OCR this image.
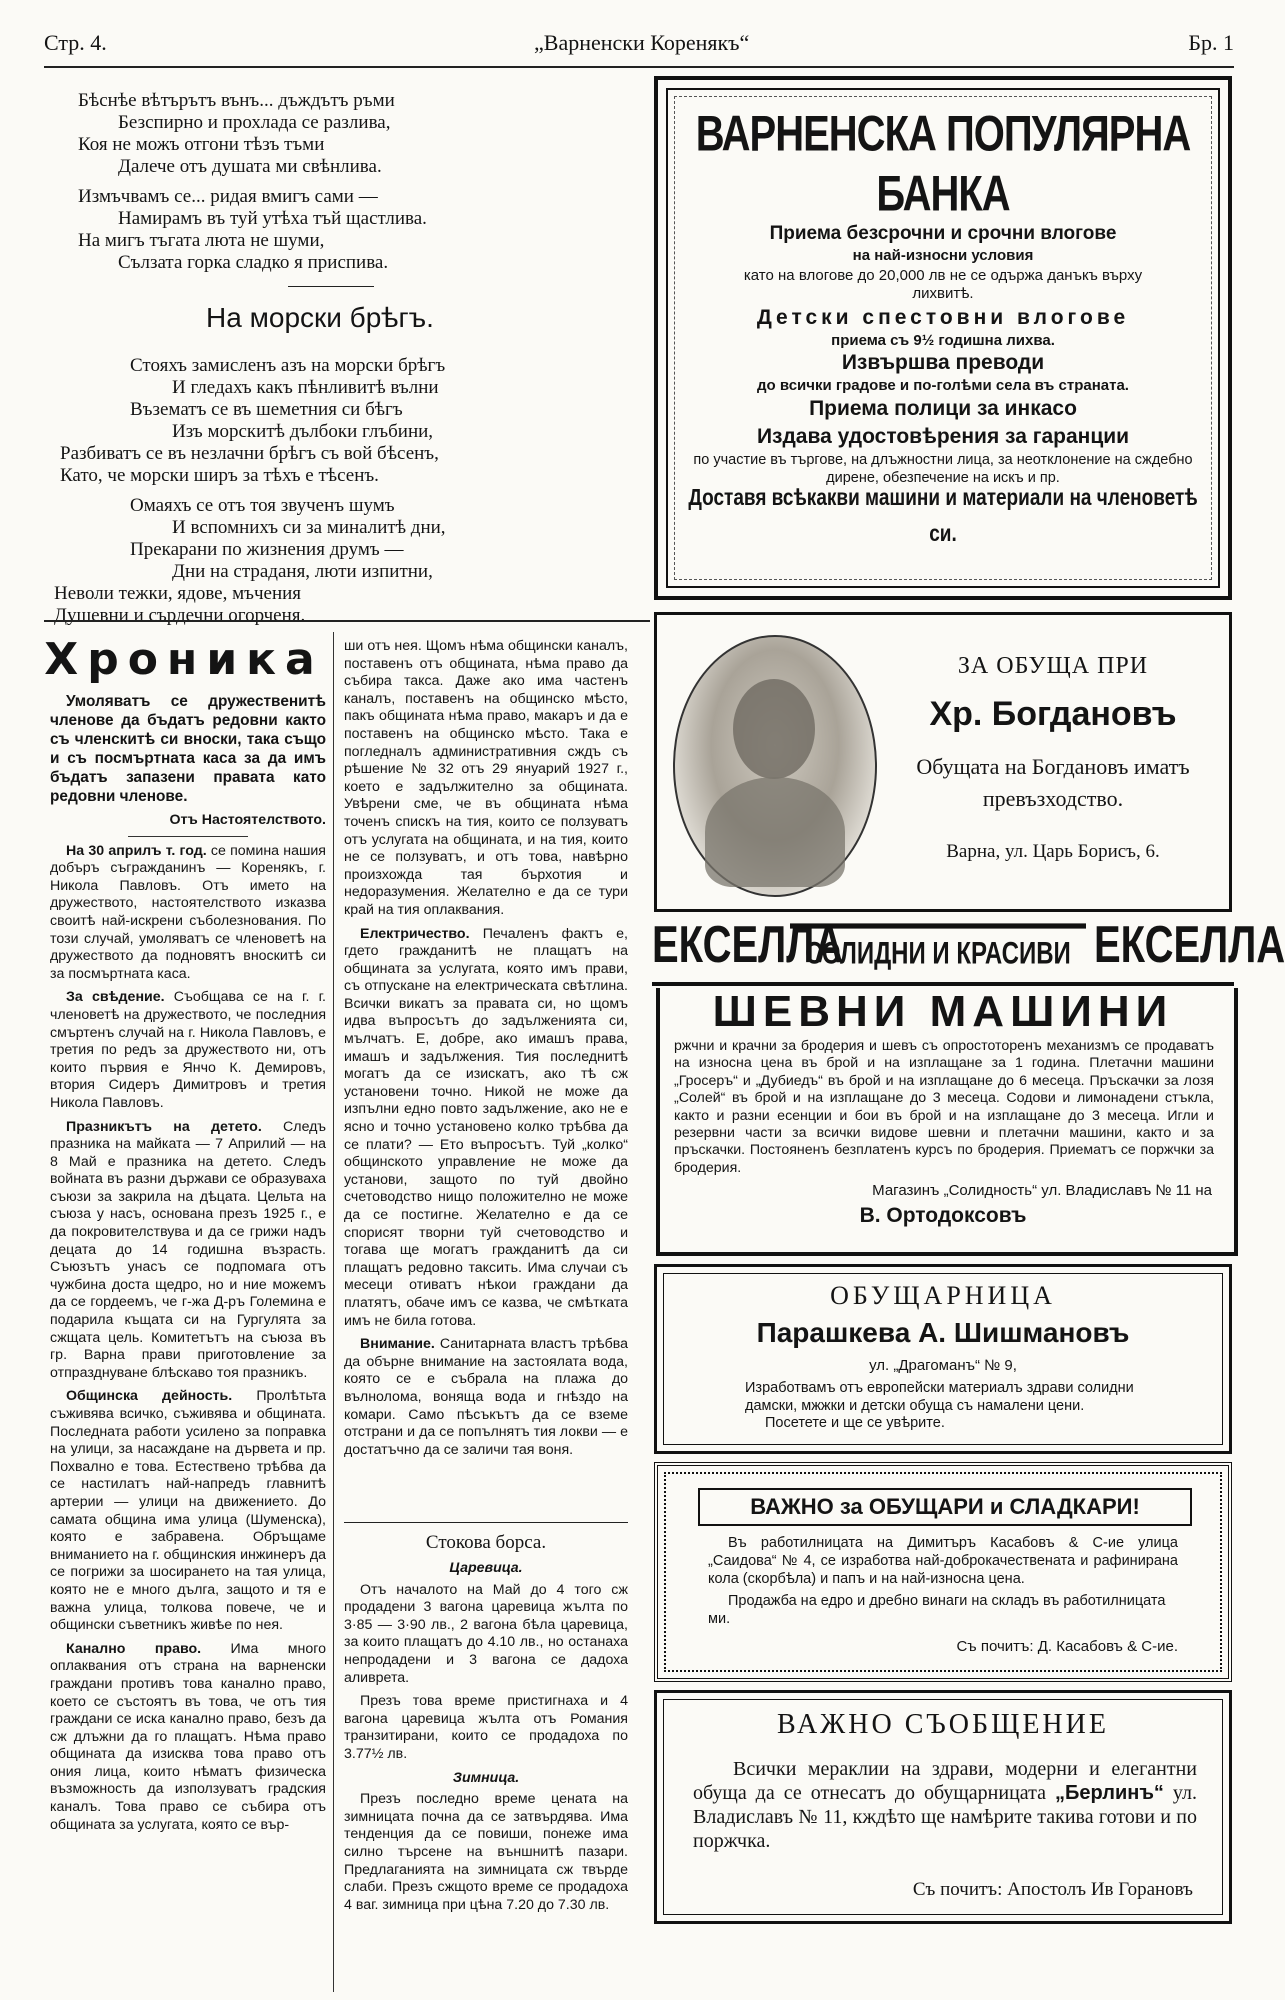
Стр. 4.	„Варненски Коренякъ“	Бр. 1

Бѣснѣе вѣтърътъ вънъ... дъждътъ ръми

Безспирно и прохлада се разлива,

Коя не можъ отгони тѣзъ тъми

Далече отъ душата ми свѣнлива.

Измъчвамъ се... ридая вмигъ сами —

Намирамъ въ туй утѣха тъй щастлива.

На мигъ тъгата люта не шуми,

Сълзата горка сладко я приспива.

На морски брѣгъ.

Стояхъ замисленъ азъ на морски брѣгъ

И гледахъ какъ пѣнливитѣ вълни

Възематъ се въ шеметния си бѣгъ

Изъ морскитѣ дълбоки глъбини,

Разбиватъ се въ незлачни брѣгъ съ вой бѣсенъ,

Като, че морски ширъ за тѣхъ е тѣсенъ.

Омаяхъ се отъ тоя звученъ шумъ

И вспомнихъ си за миналитѣ дни,

Прекарани по жизнения друмъ —

Дни на страданя, люти изпитни,

Неволи тежки, ядове, мъчения

Душевни и сърдечни огорченя.

Хроника

Умоляватъ се дружественитѣ членове да бъдатъ редовни както съ членскитѣ си вноски, така също и съ посмъртната каса за да имъ бъдатъ запазени правата като редовни членове.

Отъ Настоятелството.

На 30 априлъ т. год. се помина нашия добъръ съгражданинъ — Коренякъ, г. Никола Павловъ. Отъ името на дружеството, настоятелството изказва своитѣ най-искрени съболезнования. По този случай, умоляватъ се членоветѣ на дружеството да подновятъ вноскитѣ си за посмъртната каса.

За свѣдение. Съобщава се на г. г. членоветѣ на дружеството, че последния смъртенъ случай на г. Никола Павловъ, е третия по редъ за дружеството ни, отъ които първия е Янчо К. Демировъ, втория Сидеръ Димитровъ и третия Никола Павловъ.

Празникътъ на детето. Следъ празника на майката — 7 Априлий — на 8 Май е празника на детето. Следъ войната въ разни държави се образуваха съюзи за закрила на дѣцата. Цельта на съюза у насъ, основана презъ 1925 г., е да покровителствува и да се грижи надъ децата до 14 годишна възрасть. Съюзътъ унасъ се подпомага отъ чужбина доста щедро, но и ние можемъ да се гордеемъ, че г-жа Д-ръ Големина е подарила къщата си на Гургулята за сжщата цель. Комитетътъ на съюза въ гр. Варна прави приготовление за отпразднуване блѣскаво тоя празникъ.

Общинска дейность. Пролѣтьта съживява всичко, съживява и общината. Последната работи усилено за поправка на улици, за насаждане на дървета и пр. Похвално е това. Естествено трѣбва да се настилатъ най-напредъ главнитѣ артерии — улици на движението. До самата община има улица (Шуменска), която е забравена. Обръщаме вниманието на г. общинския инжинеръ да се погрижи за шосирането на тая улица, която не е много дълга, защото и тя е важна улица, толкова повече, че и общински съветникъ живѣе по нея.

Канално право. Има много оплаквания отъ страна на варненски граждани противъ това канално право, което се състоятъ въ това, че отъ тия граждани се иска канално право, безъ да сж длъжни да го плащатъ. Нѣма право общината да изисква това право отъ ония лица, които нѣматъ физическа възможность да използуватъ градския каналъ. Това право се събира отъ общината за услугата, която се вър-

ши отъ нея. Щомъ нѣма общински каналъ, поставенъ отъ общината, нѣма право да събира такса. Даже ако има частенъ каналъ, поставенъ на общинско мѣсто, пакъ общината нѣма право, макаръ и да е поставенъ на общинско мѣсто. Така е погледналъ административния сждъ съ рѣшение № 32 отъ 29 януарий 1927 г., което е задължително за общината. Увѣрени сме, че въ общината нѣма точенъ спискъ на тия, които се ползуватъ отъ услугата на общината, и на тия, които не се ползуватъ, и отъ това, навѣрно произхожда тая бърхотия и недоразумения. Желателно е да се тури край на тия оплаквания.

Електричество. Печаленъ фактъ е, гдето гражданитѣ не плащатъ на общината за услугата, която имъ прави, съ отпускане на електрическата свѣтлина. Всички викатъ за правата си, но щомъ идва въпросътъ до задълженията си, мълчатъ. Е, добре, ако имашъ права, имашъ и задължения. Тия последнитѣ могатъ да се изискатъ, ако тѣ сж установени точно. Никой не може да изпълни едно повто задължение, ако не е ясно и точно установено колко трѣбва да се плати? — Ето въпросътъ. Туй „колко“ общинското управление не може да установи, защото по туй двойно счетоводство нищо положително не може да се постигне. Желателно е да се спорисят творни туй счетоводство и тогава ще могатъ гражданитѣ да си плащатъ редовно таксить. Има случаи съ месеци отиватъ нѣкои граждани да платятъ, обаче имъ се казва, че смѣтката имъ не била готова.

Внимание. Санитарната властъ трѣбва да обърне внимание на застоялата вода, която се е събрала на плажа до вълнолома, воняща вода и гнѣздо на комари. Само пѣсъкътъ да се вземе отстрани и да се попълнятъ тия локви — е достатъчно да се заличи тая воня.

Стокова борса.
Царевица.

Отъ началото на Май до 4 того сж продадени 3 вагона царевица жълта по 3·85 — 3·90 лв., 2 вагона бѣла царевица, за които плащатъ до 4.10 лв., но останаха непродадени и 3 вагона се дадоха аливрета.

Презъ това време пристигнаха и 4 вагона царевица жълта отъ Романия транзитирани, които се продадоха по 3.77½ лв.

Зимница.

Презъ последно време цената на зимницата почна да се затвърдява. Има тенденция да се повиши, понеже има силно търсене на външнитѣ пазари. Предлаганията на зимницата сж твърде слаби. Презъ сжщото време се продадоха 4 ваг. зимница при цѣна 7.20 до 7.30 лв.

ВАРНЕНСКА ПОПУЛЯРНА БАНКА
Приема безсрочни и срочни влогове
на най-износни условия
като на влогове до 20,000 лв не се одържа данъкъ върху лихвитѣ.
Детски спестовни влогове
приема съ 9½ годишна лихва.
Извършва преводи
до всички градове и по-голѣми села въ страната.
Приема полици за инкасо
Издава удостовѣрения за гаранции
по участие въ търгове, на длъжностни лица, за неотклонение на сждебно дирене, обезпечение на искъ и пр.
Доставя всѣкакви машини и материали на членоветѣ си.
ЗА ОБУЩА ПРИ
Хр. Богдановъ
Обущата на Богдановъ иматъ превъзходство.
Варна, ул. Царь Борисъ, 6.
ЕКСЕЛЛА
СОЛИДНИ И КРАСИВИ ЕКСЕЛЛА
ШЕВНИ МАШИНИ
ржчни и крачни за бродерия и шевъ съ опростоторенъ механизмъ се продаватъ на износна цена въ брой и на изплащане за 1 година. Плетачни машини „Гросеръ“ и „Дубиедъ“ въ брой и на изплащане до 6 месеца. Пръскачки за лозя „Солей“ въ брой и на изплащане до 3 месеца. Содови и лимонадени стъкла, както и разни есенции и бои въ брой и на изплащане до 3 месеца. Игли и резервни части за всички видове шевни и плетачни машини, както и за пръскачки. Постояненъ безплатенъ курсъ по бродерия. Приематъ се поржчки за бродерия.
Магазинъ „Солидность“ ул. Владиславъ № 11 на
В. Ортодоксовъ
ОБУЩАРНИЦА
Парашкева А. Шишмановъ
ул. „Драгоманъ“ № 9,
Изработвамъ отъ европейски материалъ здрави солидни дамски, мжжки и детски обуща съ намалени цени.
Посетете и ще се увѣрите.
ВАЖНО за ОБУЩАРИ и СЛАДКАРИ!
Въ работилницата на Димитъръ Касабовъ & С-ие улица „Саидова“ № 4, се изработва най-доброкачествената и рафинирана кола (скорбѣла) и папъ и на най-износна цена.
Продажба на едро и дребно винаги на складъ въ работилницата ми.
Съ почитъ: Д. Касабовъ & С-ие.
ВАЖНО СЪОБЩЕНИЕ
Всички мераклии на здрави, модерни и елегантни обуща да се отнесатъ до обущарницата „Берлинъ“ ул. Владиславъ № 11, кждѣто ще намѣрите такива готови и по поржчка.
Съ почитъ: Апостолъ Ив Горановъ
